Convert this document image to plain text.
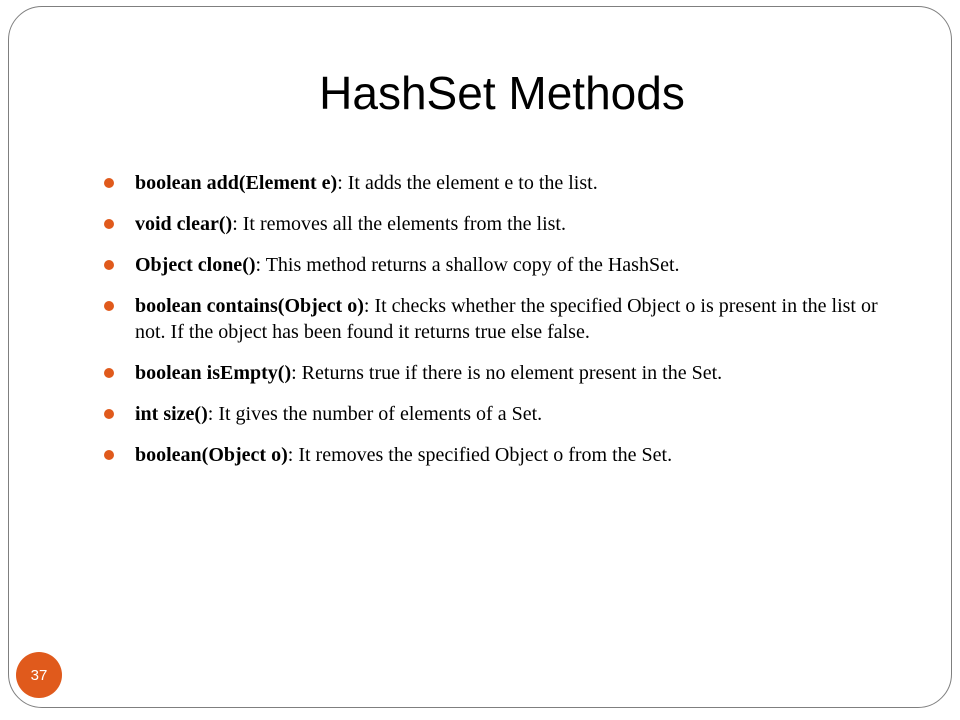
HashSet Methods
boolean add(Element e): It adds the element e to the list.
void clear(): It removes all the elements from the list.
Object clone(): This method returns a shallow copy of the HashSet.
boolean contains(Object o): It checks whether the specified Object o is present in the list or not. If the object has been found it returns true else false.
boolean isEmpty(): Returns true if there is no element present in the Set.
int size(): It gives the number of elements of a Set.
boolean(Object o): It removes the specified Object o from the Set.
37
